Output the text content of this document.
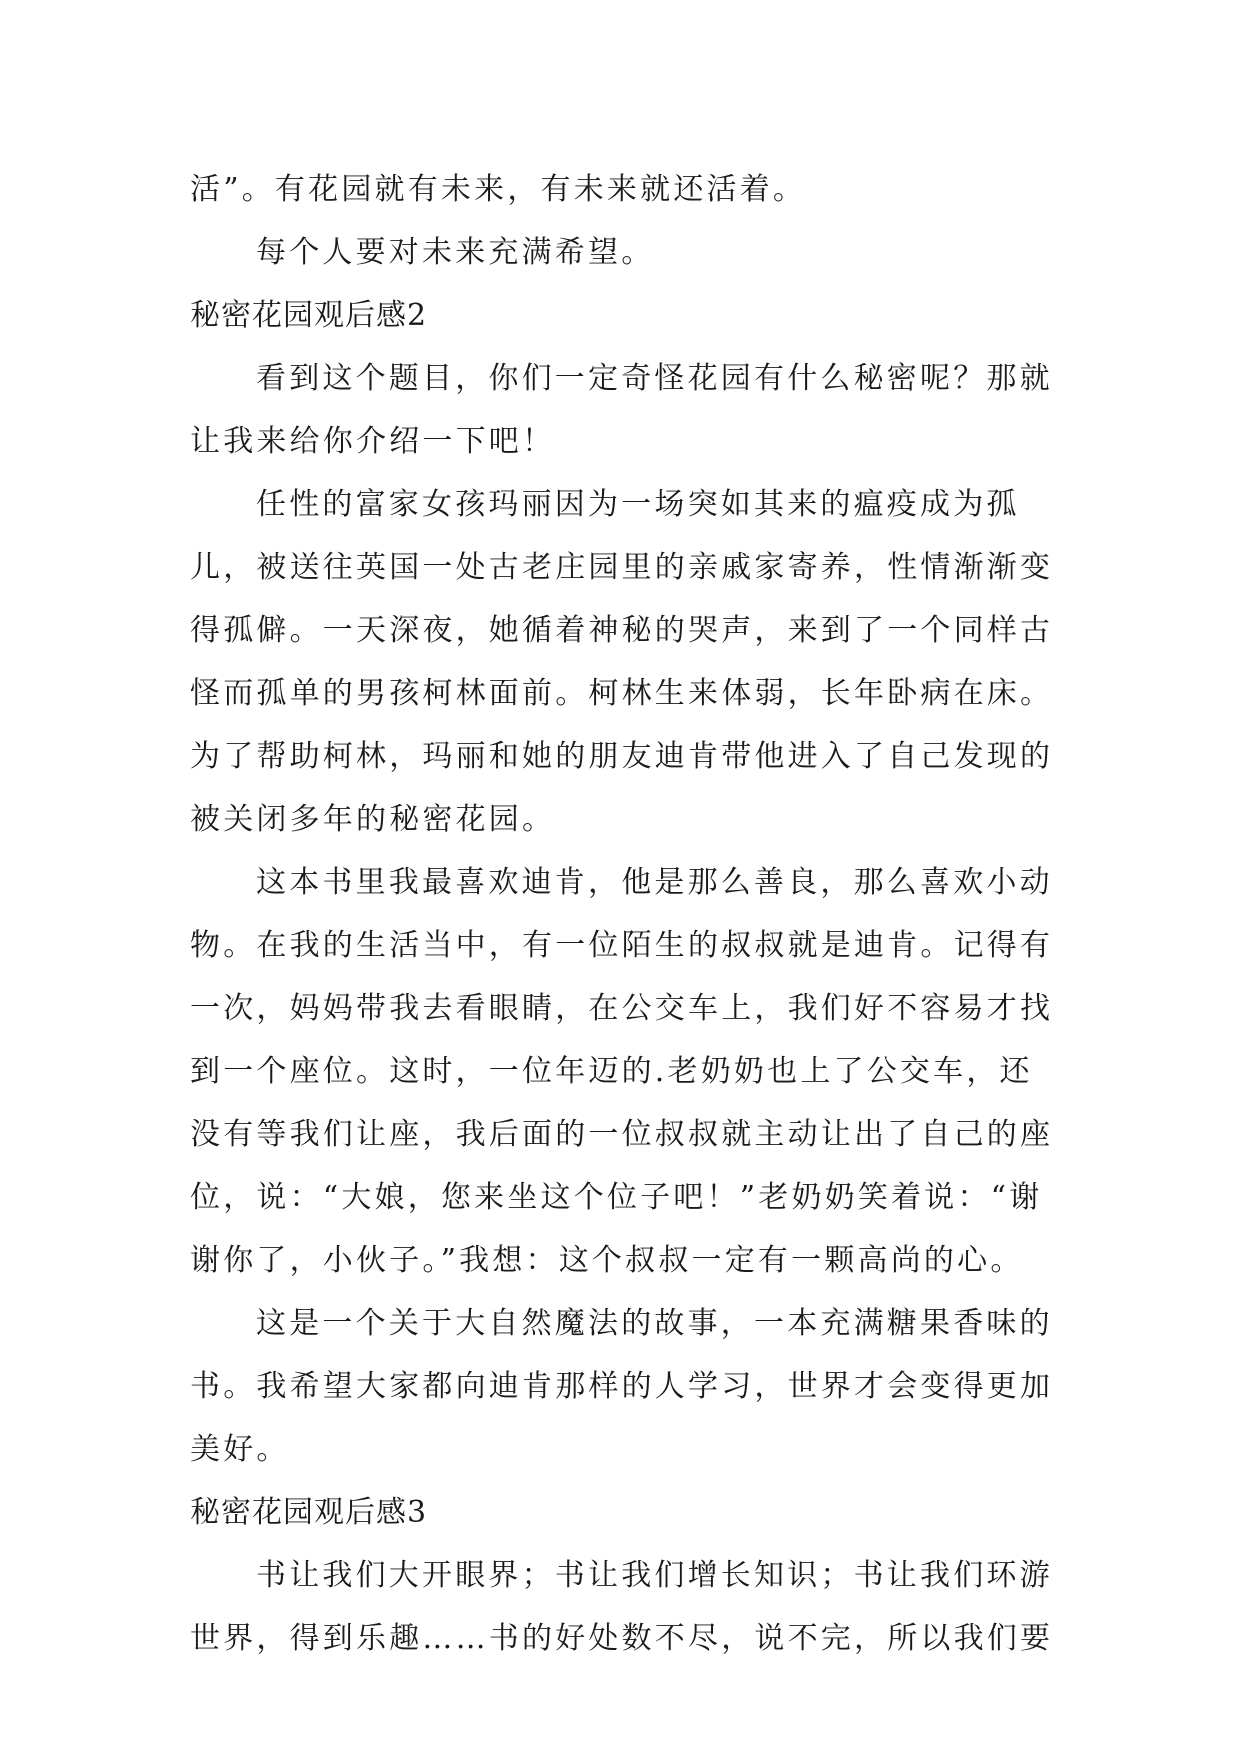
活”。有花园就有未来，有未来就还活着。
每个人要对未来充满希望。
秘密花园观后感2
看到这个题目，你们一定奇怪花园有什么秘密呢？那就
让我来给你介绍一下吧！
任性的富家女孩玛丽因为一场突如其来的瘟疫成为孤
儿，被送往英国一处古老庄园里的亲戚家寄养，性情渐渐变
得孤僻。一天深夜，她循着神秘的哭声，来到了一个同样古
怪而孤单的男孩柯林面前。柯林生来体弱，长年卧病在床。
为了帮助柯林，玛丽和她的朋友迪肯带他进入了自己发现的
被关闭多年的秘密花园。
这本书里我最喜欢迪肯，他是那么善良，那么喜欢小动
物。在我的生活当中，有一位陌生的叔叔就是迪肯。记得有
一次，妈妈带我去看眼睛，在公交车上，我们好不容易才找
到一个座位。这时，一位年迈的.老奶奶也上了公交车，还
没有等我们让座，我后面的一位叔叔就主动让出了自己的座
位，说：“大娘，您来坐这个位子吧！”老奶奶笑着说：“谢
谢你了，小伙子。”我想：这个叔叔一定有一颗高尚的心。
这是一个关于大自然魔法的故事，一本充满糖果香味的
书。我希望大家都向迪肯那样的人学习，世界才会变得更加
美好。
秘密花园观后感3
书让我们大开眼界；书让我们增长知识；书让我们环游
世界，得到乐趣……书的好处数不尽，说不完，所以我们要
